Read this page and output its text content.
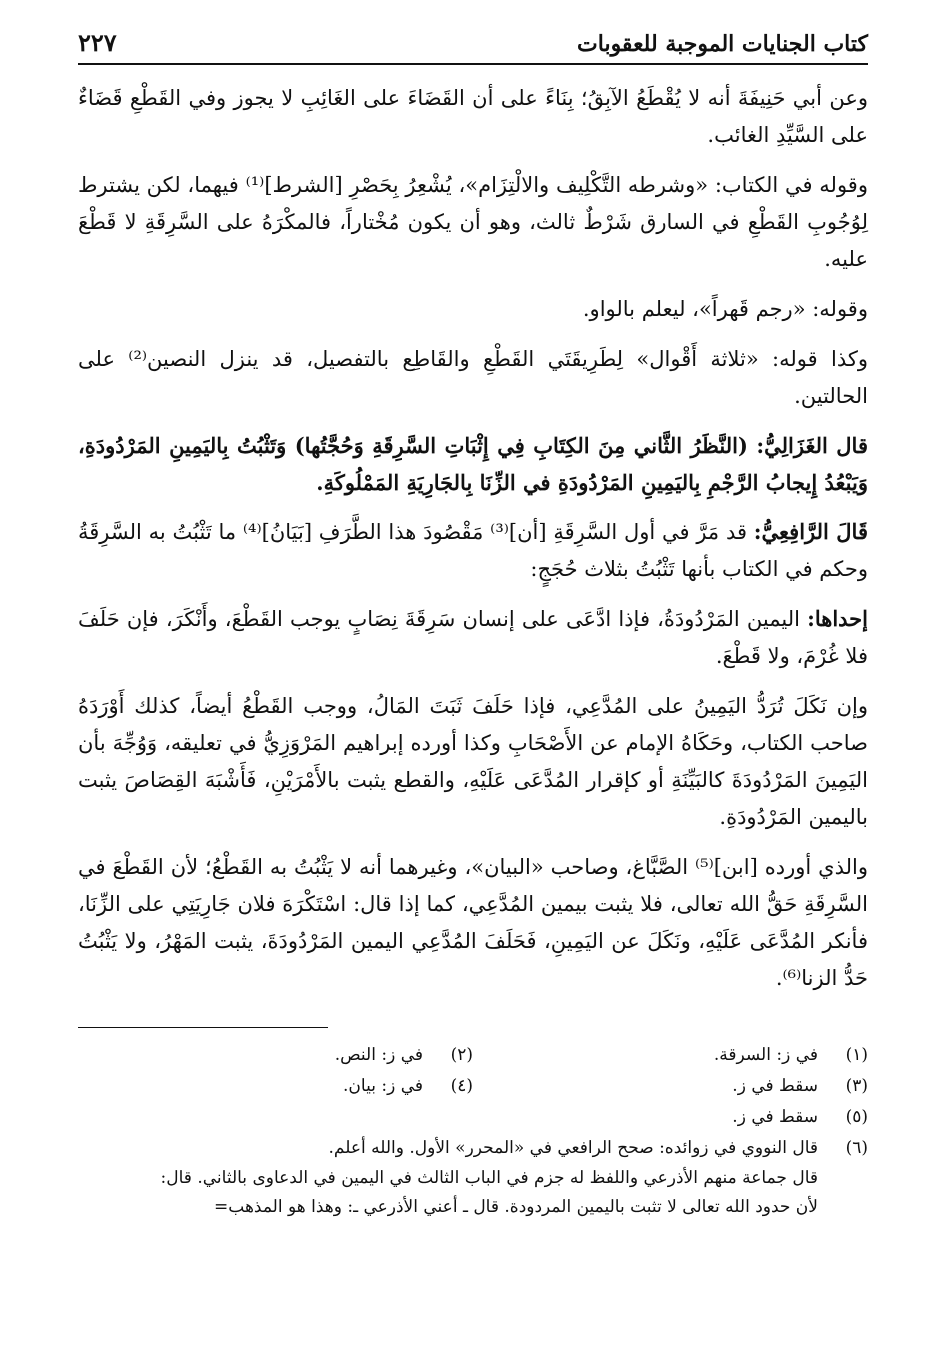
كتاب الجنايات الموجبة للعقوبات
٢٢٧

وعن أبي حَنِيفَةَ أنه لا يُقْطَعُ الآبِقُ؛ بِنَاءً على أن القَضَاءَ على الغَائِبِ لا يجوز وفي القَطْعِ قَضَاءٌ على السَّيِّدِ الغائب.

وقوله في الكتاب: «وشرطه التَّكْلِيف والالْتِزَام»، يُشْعِرُ بِحَصْرِ [الشرط]⁽¹⁾ فيهما، لكن يشترط لِوُجُوبِ القَطْعِ في السارق شَرْطٌ ثالث، وهو أن يكون مُخْتاراً، فالمكْرَهُ على السَّرِقَةِ لا قَطْعَ عليه.

وقوله: «رجم قَهراً»، ليعلم بالواو.

وكذا قوله: «ثلاثة أَقْوال» لِطَرِيقَتَي القَطْعِ والقَاطِع بالتفصيل، قد ينزل النصين⁽²⁾ على الحالتين.

قال الغَزَالِيُّ: (النَّظَرُ الثَّاني مِنَ الكِتَابِ فِي إِثْبَاتِ السَّرِقَةِ وَحُجَّتُها) وَتَثْبُتُ بِاليَمِينِ المَرْدُودَةِ، وَيَبْعُدُ إِيجابُ الرَّجْمِ بِاليَمِينِ المَرْدُودَةِ في الزِّنَا بِالجَارِيَةِ المَمْلُوكَةِ.

قَالَ الرَّافِعِيُّ: قد مَرَّ في أول السَّرِقَةِ [أن]⁽³⁾ مَقْصُودَ هذا الطَّرَفِ [بَيَانُ]⁽⁴⁾ ما تَثْبُتُ به السَّرِقَةُ وحكم في الكتاب بأنها تَثْبُتُ بثلاث حُجَجٍ:

إحداها: اليمين المَرْدُودَةُ، فإذا ادَّعَى على إنسان سَرِقَةَ نِصَابٍ يوجب القَطْعَ، وأَنْكَرَ، فإن حَلَفَ فلا غُرْمَ، ولا قَطْعَ.

وإن نَكَلَ تُرَدُّ اليَمِينُ على المُدَّعِي، فإذا حَلَفَ ثَبَتَ المَالُ، ووجب القَطْعُ أيضاً، كذلك أَوْرَدَهُ صاحب الكتاب، وحَكَاهُ الإمام عن الأَصْحَابِ وكذا أورده إبراهيم المَرْوَزِيُّ في تعليقه، وَوُجِّهَ بأن اليَمِينَ المَرْدُودَةَ كالبَيِّنَةِ أو كإقرار المُدَّعَى عَلَيْهِ، والقطع يثبت بالأَمْرَيْنِ، فَأَشْبَهَ القِصَاصَ يثبت باليمين المَرْدُودَةِ.

والذي أورده [ابن]⁽⁵⁾ الصَّبَّاغ، وصاحب «البيان»، وغيرهما أنه لا يَثْبُتُ به القَطْعُ؛ لأن القَطْعَ في السَّرِقَةِ حَقُّ الله تعالى، فلا يثبت بيمين المُدَّعِي، كما إذا قال: اسْتَكْرَهَ فلان جَارِيَتِي على الزِّنَا، فأنكر المُدَّعَى عَلَيْهِ، ونَكَلَ عن اليَمِينِ، فَحَلَفَ المُدَّعِي اليمين المَرْدُودَةَ، يثبت المَهْرُ، ولا يَثْبُتُ حَدُّ الزنا⁽⁶⁾.

(١)
في ز: السرقة.
(٢)
في ز: النص.
(٣)
سقط في ز.
(٤)
في ز: بيان.
(٥)
سقط في ز.
(٦)
قال النووي في زوائده: صحح الرافعي في «المحرر» الأول. والله أعلم.
قال جماعة منهم الأذرعي واللفظ له جزم في الباب الثالث في اليمين في الدعاوى بالثاني. قال:
لأن حدود الله تعالى لا تثبت باليمين المردودة. قال ـ أعني الأذرعي ـ: وهذا هو المذهب=
